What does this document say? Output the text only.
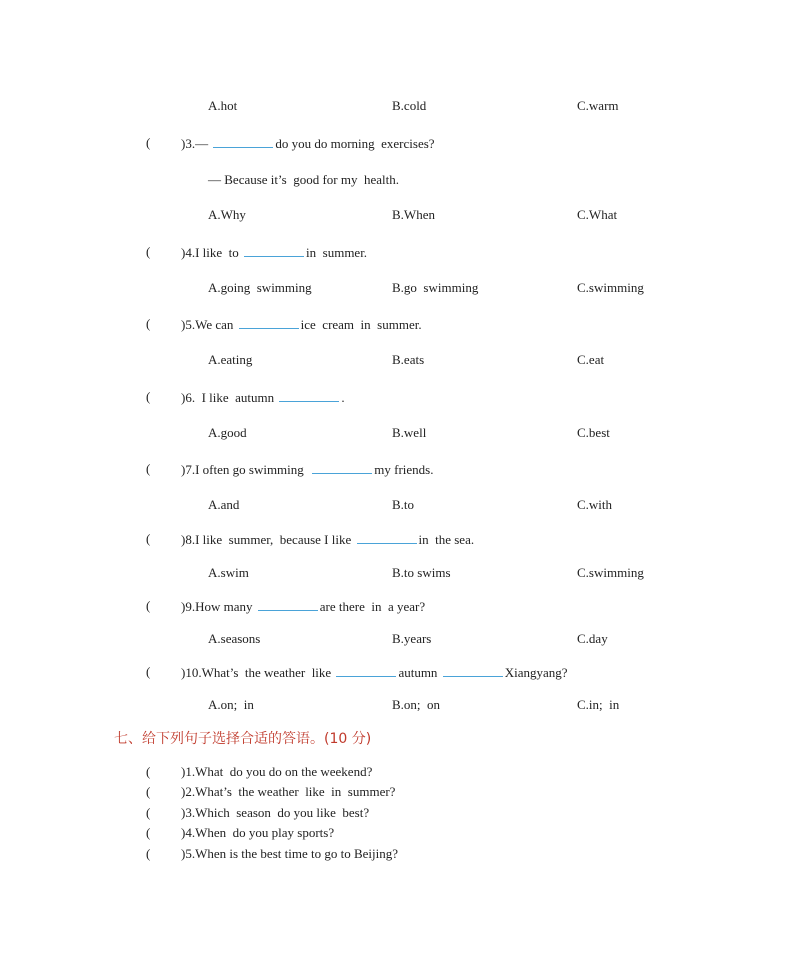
A.hot	B.cold	C.warm
( )3.—	do you do morning  exercises?
— Because it’s  good for my  health.
A.Why	B.When	C.What
( )4.I like  to	in  summer.
A.going  swimming	B.go  swimming	C.swimming
( )5.We can	ice  cream  in  summer.
A.eating	B.eats	C.eat
( )6.  I like  autumn	.
A.good	B.well	C.best
( )7.I often go swimming	my friends.
A.and	B.to	C.with
( )8.I like  summer,  because I like	in  the sea.
A.swim	B.to swims	C.swimming
( )9.How many	are there  in  a year?
A.seasons	B.years	C.day
( )10.What’s  the weather  like	autumn	Xiangyang?
A.on;  in	B.on;  on	C.in;  in
七、给下列句子选择合适的答语。(10 分)
( )1.What  do you do on the weekend?
( )2.What’s  the weather  like  in  summer?
( )3.Which  season  do you like  best?
( )4.When  do you play sports?
( )5.When is the best time to go to Beijing?
